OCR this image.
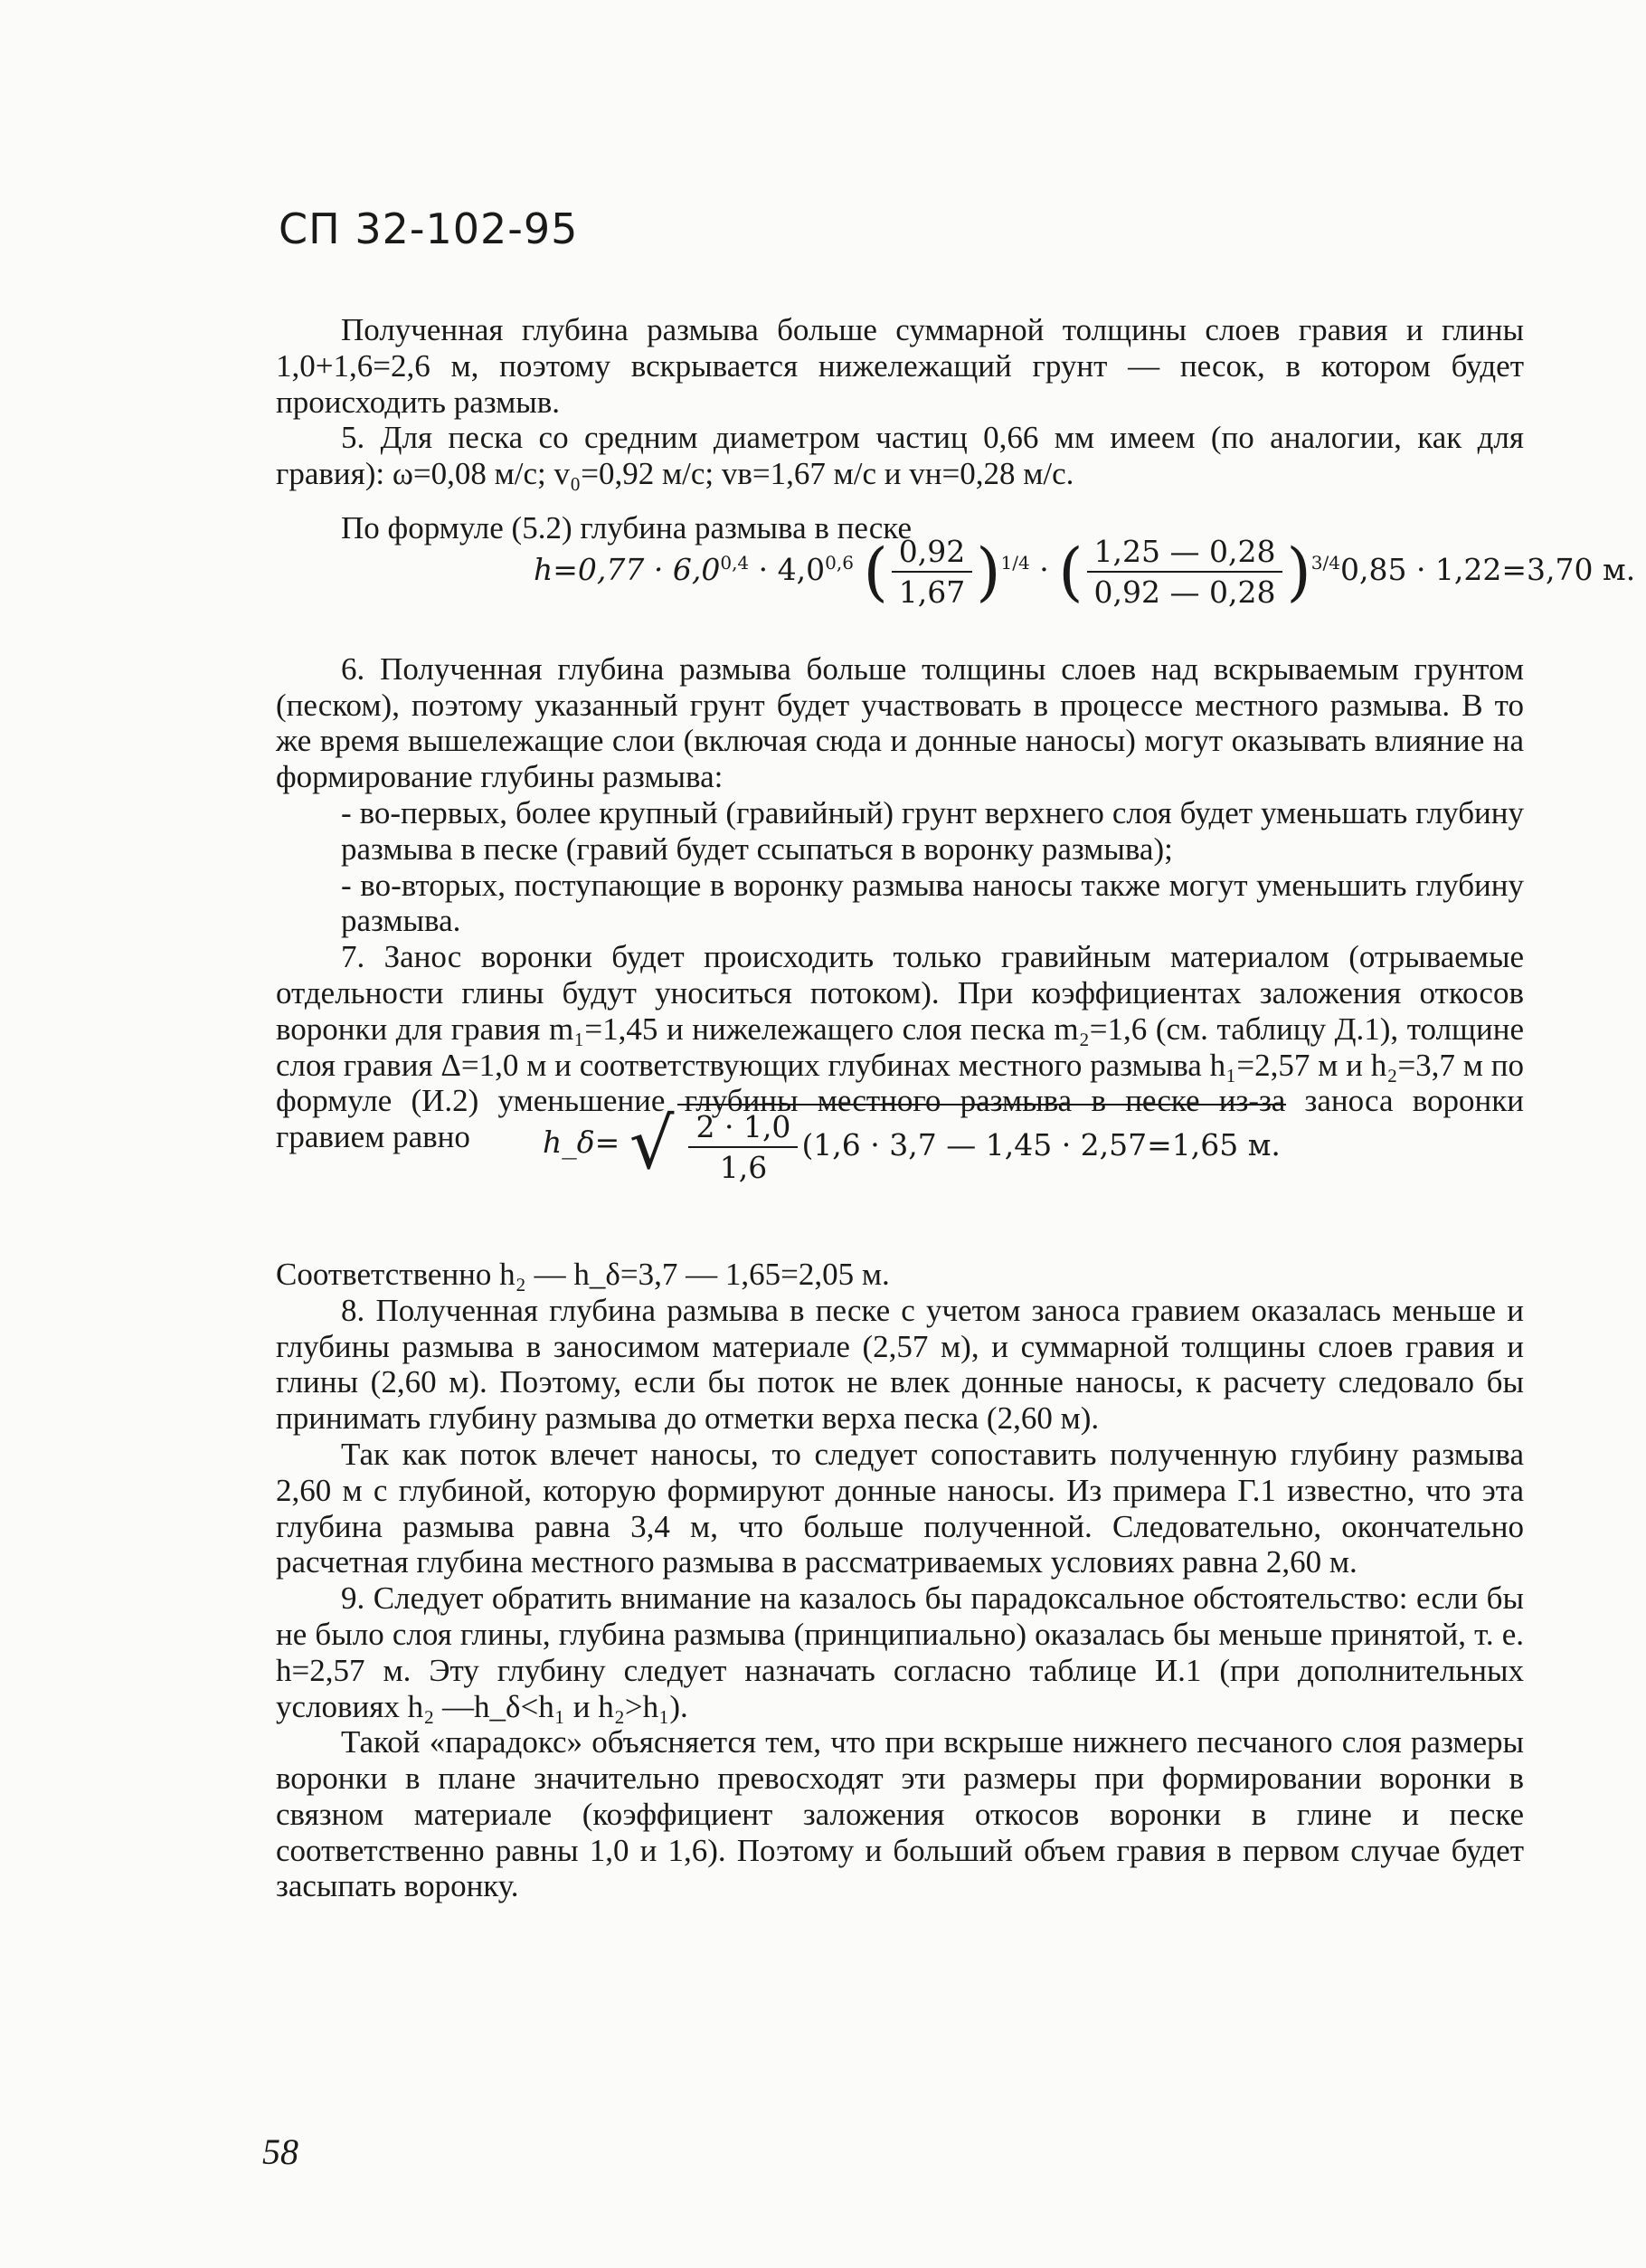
СП 32-102-95

Полученная глубина размыва больше суммарной толщины слоев гравия и глины 1,0+1,6=2,6 м, поэтому вскрывается нижележащий грунт — песок, в котором будет происходить размыв.

5. Для песка со средним диаметром частиц 0,66 мм имеем (по аналогии, как для гравия): ω=0,08 м/с; v₀=0,92 м/с; vв=1,67 м/с и vн=0,28 м/с.

По формуле (5.2) глубина размыва в песке

6. Полученная глубина размыва больше толщины слоев над вскрываемым грунтом (песком), поэтому указанный грунт будет участвовать в процессе местного размыва. В то же время вышележащие слои (включая сюда и донные наносы) могут оказывать влияние на формирование глубины размыва:

- во-первых, более крупный (гравийный) грунт верхнего слоя будет уменьшать глубину размыва в песке (гравий будет ссыпаться в воронку размыва);

- во-вторых, поступающие в воронку размыва наносы также могут уменьшить глубину размыва.

7. Занос воронки будет происходить только гравийным материалом (отрываемые отдельности глины будут уноситься потоком). При коэффициентах заложения откосов воронки для гравия m₁=1,45 и нижележащего слоя песка m₂=1,6 (см. таблицу Д.1), толщине слоя гравия Δ=1,0 м и соответствующих глубинах местного размыва h₁=2,57 м и h₂=3,7 м по формуле (И.2) уменьшение глубины местного размыва в песке из-за заноса воронки гравием равно

Соответственно h₂ — h_δ=3,7 — 1,65=2,05 м.

8. Полученная глубина размыва в песке с учетом заноса гравием оказалась меньше и глубины размыва в заносимом материале (2,57 м), и суммарной толщины слоев гравия и глины (2,60 м). Поэтому, если бы поток не влек донные наносы, к расчету следовало бы принимать глубину размыва до отметки верха песка (2,60 м).

Так как поток влечет наносы, то следует сопоставить полученную глубину размыва 2,60 м с глубиной, которую формируют донные наносы. Из примера Г.1 известно, что эта глубина размыва равна 3,4 м, что больше полученной. Следовательно, окончательно расчетная глубина местного размыва в рассматриваемых условиях равна 2,60 м.

9. Следует обратить внимание на казалось бы парадоксальное обстоятельство: если бы не было слоя глины, глубина размыва (принципиально) оказалась бы меньше принятой, т. е. h=2,57 м. Эту глубину следует назначать согласно таблице И.1 (при дополнительных условиях h₂ —h_δ<h₁ и h₂>h₁).

Такой «парадокс» объясняется тем, что при вскрыше нижнего песчаного слоя размеры воронки в плане значительно превосходят эти размеры при формировании воронки в связном материале (коэффициент заложения откосов воронки в глине и песке соответственно равны 1,0 и 1,6). Поэтому и больший объем гравия в первом случае будет засыпать воронку.

$h=0,77 \cdot 6,0^{0,4} \cdot 4,0^{0,6}$ ( $\frac{0,92}{1,67} )^{1/4}$ · ( $\frac{1,25 — 0,28}{0,92 — 0,28} )^{3/4}0,85 \cdot 1,22=3,70$ м.
h_δ= √ $\frac{2 \cdot 1,0}{1,6} (1,6 \cdot 3,7$ — 1,45 · 2,57=1,65 м.
58
